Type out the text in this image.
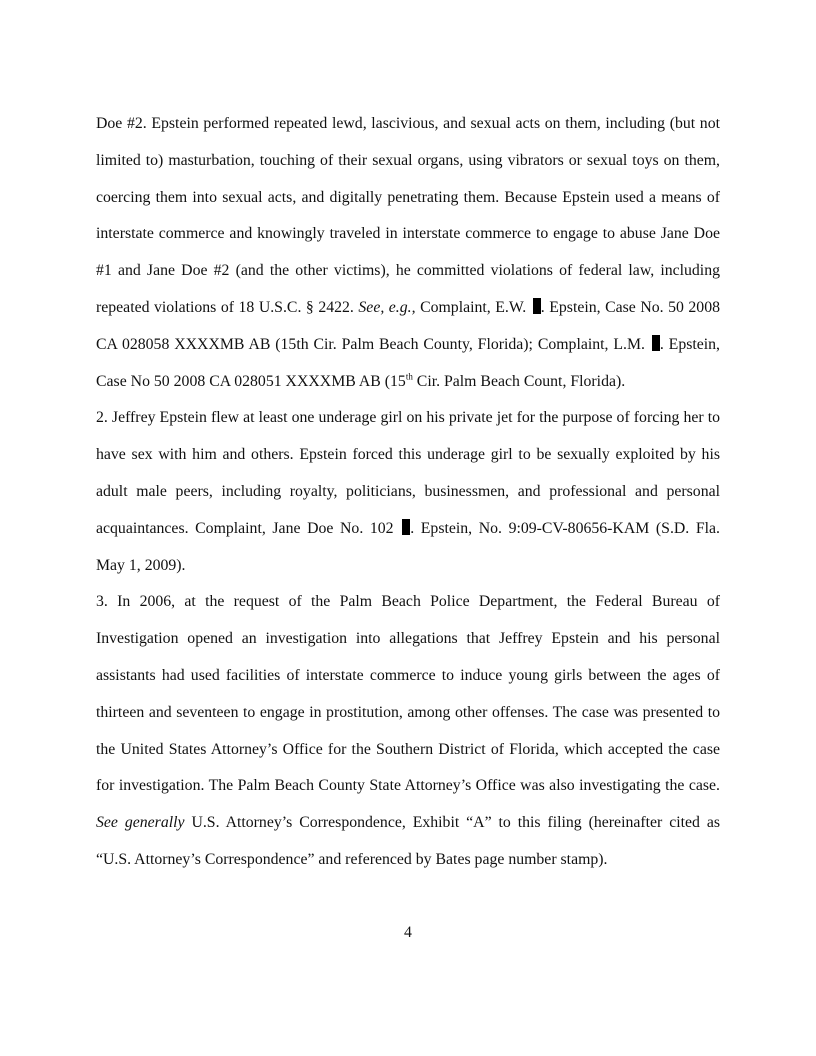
Doe #2. Epstein performed repeated lewd, lascivious, and sexual acts on them, including (but not limited to) masturbation, touching of their sexual organs, using vibrators or sexual toys on them, coercing them into sexual acts, and digitally penetrating them. Because Epstein used a means of interstate commerce and knowingly traveled in interstate commerce to engage to abuse Jane Doe #1 and Jane Doe #2 (and the other victims), he committed violations of federal law, including repeated violations of 18 U.S.C. § 2422. See, e.g., Complaint, E.W. . Epstein, Case No. 50 2008 CA 028058 XXXXMB AB (15th Cir. Palm Beach County, Florida); Complaint, L.M. . Epstein, Case No 50 2008 CA 028051 XXXXMB AB (15th Cir. Palm Beach Count, Florida).

2. Jeffrey Epstein flew at least one underage girl on his private jet for the purpose of forcing her to have sex with him and others. Epstein forced this underage girl to be sexually exploited by his adult male peers, including royalty, politicians, businessmen, and professional and personal acquaintances. Complaint, Jane Doe No. 102 . Epstein, No. 9:09-CV-80656-KAM (S.D. Fla. May 1, 2009).

3. In 2006, at the request of the Palm Beach Police Department, the Federal Bureau of Investigation opened an investigation into allegations that Jeffrey Epstein and his personal assistants had used facilities of interstate commerce to induce young girls between the ages of thirteen and seventeen to engage in prostitution, among other offenses. The case was presented to the United States Attorney’s Office for the Southern District of Florida, which accepted the case for investigation. The Palm Beach County State Attorney’s Office was also investigating the case. See generally U.S. Attorney’s Correspondence, Exhibit “A” to this filing (hereinafter cited as “U.S. Attorney’s Correspondence” and referenced by Bates page number stamp).

4
